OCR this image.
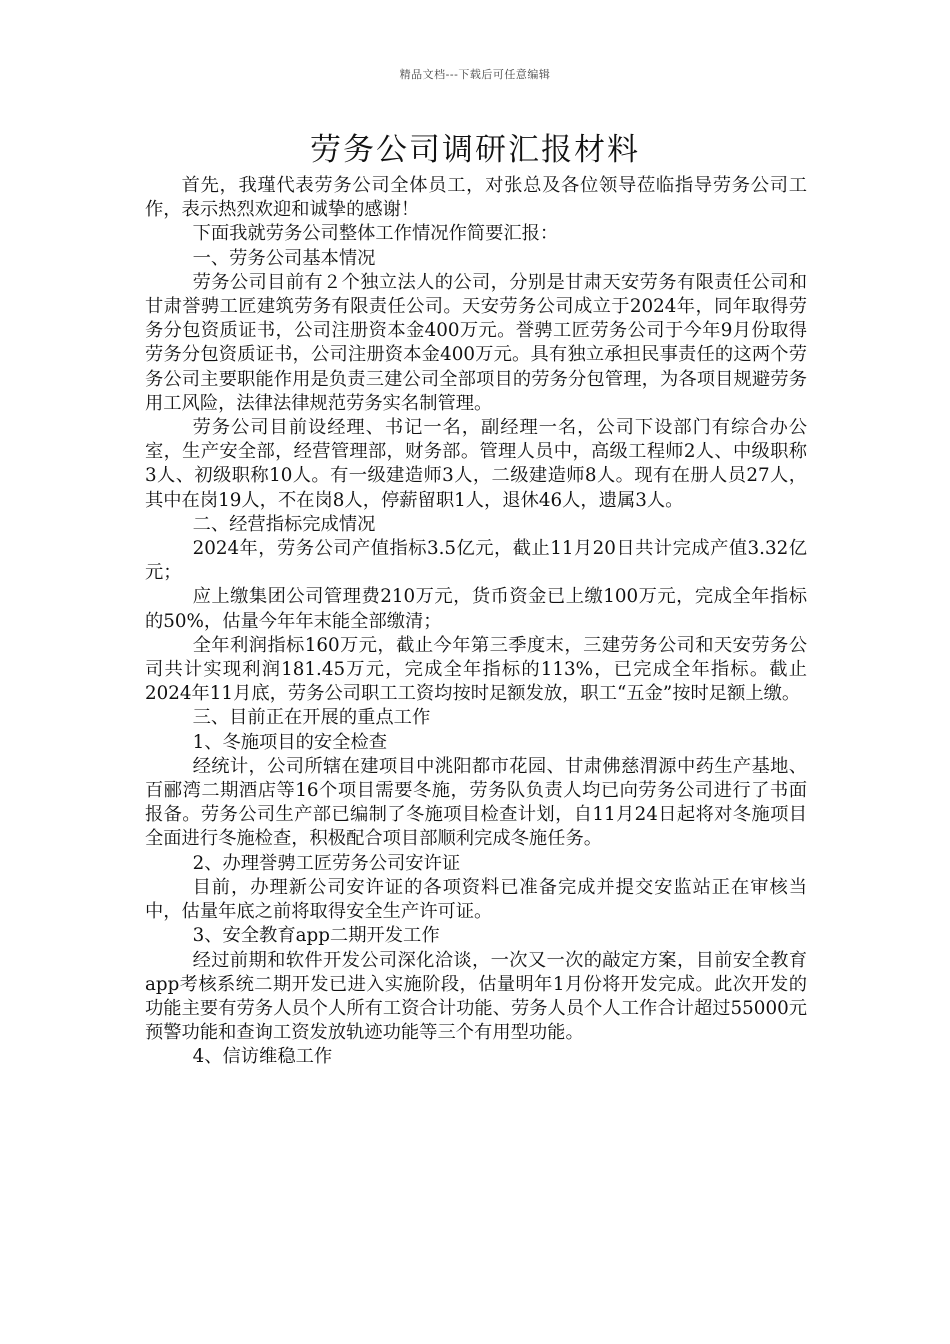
精品文档---下载后可任意编辑
劳务公司调研汇报材料

首先，我瑾代表劳务公司全体员工，对张总及各位领导莅临指导劳务公司工作，表示热烈欢迎和诚挚的感谢！

下面我就劳务公司整体工作情况作简要汇报：

一、劳务公司基本情况

劳务公司目前有２个独立法人的公司，分别是甘肃天安劳务有限责任公司和甘肃誉骋工匠建筑劳务有限责任公司。天安劳务公司成立于2024年，同年取得劳务分包资质证书，公司注册资本金400万元。誉骋工匠劳务公司于今年9月份取得劳务分包资质证书，公司注册资本金400万元。具有独立承担民事责任的这两个劳务公司主要职能作用是负责三建公司全部项目的劳务分包管理，为各项目规避劳务用工风险，法律法律规范劳务实名制管理。

劳务公司目前设经理、书记一名，副经理一名，公司下设部门有综合办公室，生产安全部，经营管理部，财务部。管理人员中，高级工程师2人、中级职称3人、初级职称10人。有一级建造师3人，二级建造师8人。现有在册人员27人，其中在岗19人，不在岗8人，停薪留职1人，退休46人，遗属3人。

二、经营指标完成情况

2024年，劳务公司产值指标3.5亿元，截止11月20日共计完成产值3.32亿元；

应上缴集团公司管理费210万元，货币资金已上缴100万元，完成全年指标的50%，估量今年年末能全部缴清；

全年利润指标160万元，截止今年第三季度末，三建劳务公司和天安劳务公司共计实现利润181.45万元，完成全年指标的113%，已完成全年指标。截止2024年11月底，劳务公司职工工资均按时足额发放，职工“五金”按时足额上缴。

三、目前正在开展的重点工作

1、冬施项目的安全检查

经统计，公司所辖在建项目中洮阳都市花园、甘肃佛慈渭源中药生产基地、百郦湾二期酒店等16个项目需要冬施，劳务队负责人均已向劳务公司进行了书面报备。劳务公司生产部已编制了冬施项目检查计划，自11月24日起将对冬施项目全面进行冬施检查，积极配合项目部顺利完成冬施任务。

2、办理誉骋工匠劳务公司安许证

目前，办理新公司安许证的各项资料已准备完成并提交安监站正在审核当中，估量年底之前将取得安全生产许可证。

3、安全教育app二期开发工作

经过前期和软件开发公司深化洽谈，一次又一次的敲定方案，目前安全教育app考核系统二期开发已进入实施阶段，估量明年1月份将开发完成。此次开发的功能主要有劳务人员个人所有工资合计功能、劳务人员个人工作合计超过55000元预警功能和查询工资发放轨迹功能等三个有用型功能。

4、信访维稳工作
